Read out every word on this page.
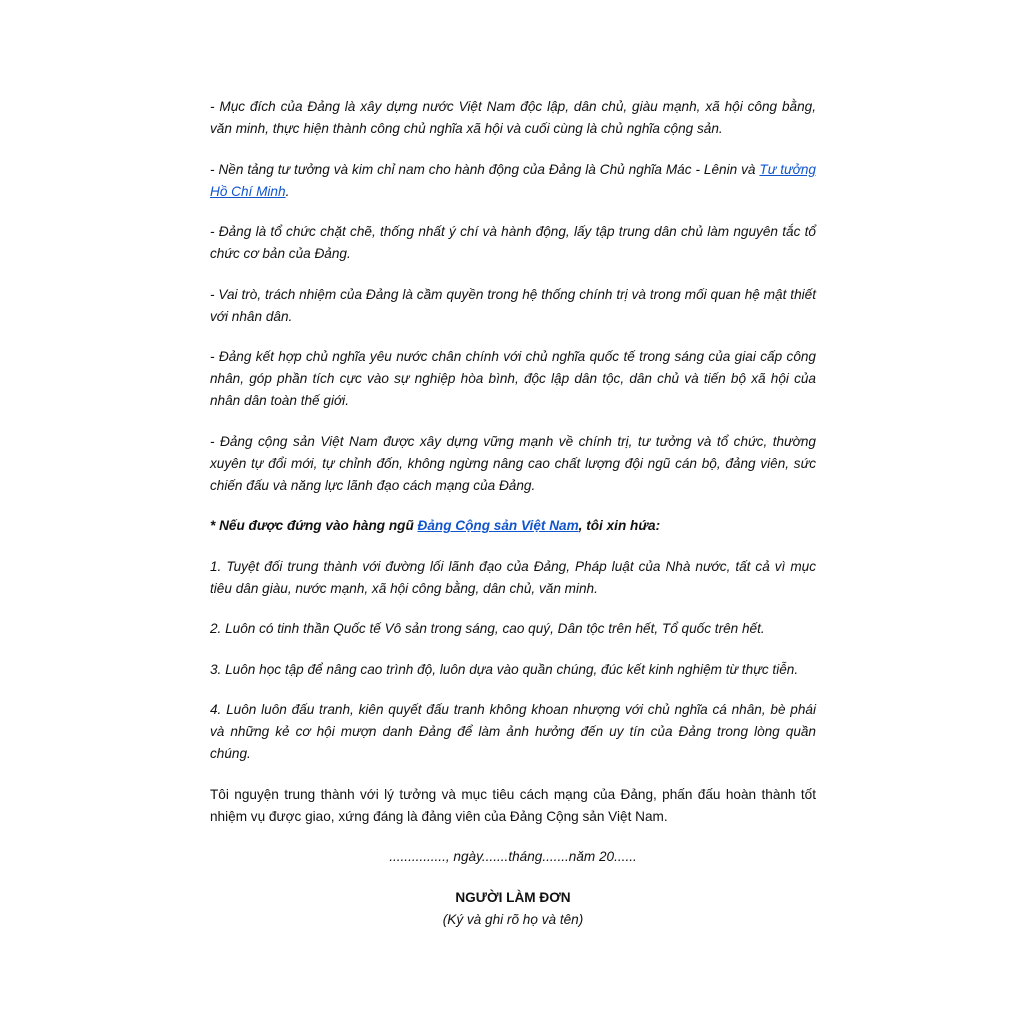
- Mục đích của Đảng là xây dựng nước Việt Nam độc lập, dân chủ, giàu mạnh, xã hội công bằng, văn minh, thực hiện thành công chủ nghĩa xã hội và cuối cùng là chủ nghĩa cộng sản.

- Nền tảng tư tưởng và kim chỉ nam cho hành động của Đảng là Chủ nghĩa Mác - Lênin và Tư tưởng Hồ Chí Minh.

- Đảng là tổ chức chặt chẽ, thống nhất ý chí và hành động, lấy tập trung dân chủ làm nguyên tắc tổ chức cơ bản của Đảng.

- Vai trò, trách nhiệm của Đảng là cầm quyền trong hệ thống chính trị và trong mối quan hệ mật thiết với nhân dân.

- Đảng kết hợp chủ nghĩa yêu nước chân chính với chủ nghĩa quốc tế trong sáng của giai cấp công nhân, góp phần tích cực vào sự nghiệp hòa bình, độc lập dân tộc, dân chủ và tiến bộ xã hội của nhân dân toàn thế giới.

- Đảng cộng sản Việt Nam được xây dựng vững mạnh về chính trị, tư tưởng và tổ chức, thường xuyên tự đổi mới, tự chỉnh đốn, không ngừng nâng cao chất lượng đội ngũ cán bộ, đảng viên, sức chiến đấu và năng lực lãnh đạo cách mạng của Đảng.

* Nếu được đứng vào hàng ngũ Đảng Cộng sản Việt Nam, tôi xin hứa:

1. Tuyệt đối trung thành với đường lối lãnh đạo của Đảng, Pháp luật của Nhà nước, tất cả vì mục tiêu dân giàu, nước mạnh, xã hội công bằng, dân chủ, văn minh.

2. Luôn có tinh thần Quốc tế Vô sản trong sáng, cao quý, Dân tộc trên hết, Tổ quốc trên hết.

3. Luôn học tập để nâng cao trình độ, luôn dựa vào quần chúng, đúc kết kinh nghiệm từ thực tiễn.

4. Luôn luôn đấu tranh, kiên quyết đấu tranh không khoan nhượng với chủ nghĩa cá nhân, bè phái và những kẻ cơ hội mượn danh Đảng để làm ảnh hưởng đến uy tín của Đảng trong lòng quần chúng.

Tôi nguyện trung thành với lý tưởng và mục tiêu cách mạng của Đảng, phấn đấu hoàn thành tốt nhiệm vụ được giao, xứng đáng là đảng viên của Đảng Cộng sản Việt Nam.

..............., ngày.......tháng.......năm 20......

NGƯỜI LÀM ĐƠN

(Ký và ghi rõ họ và tên)
